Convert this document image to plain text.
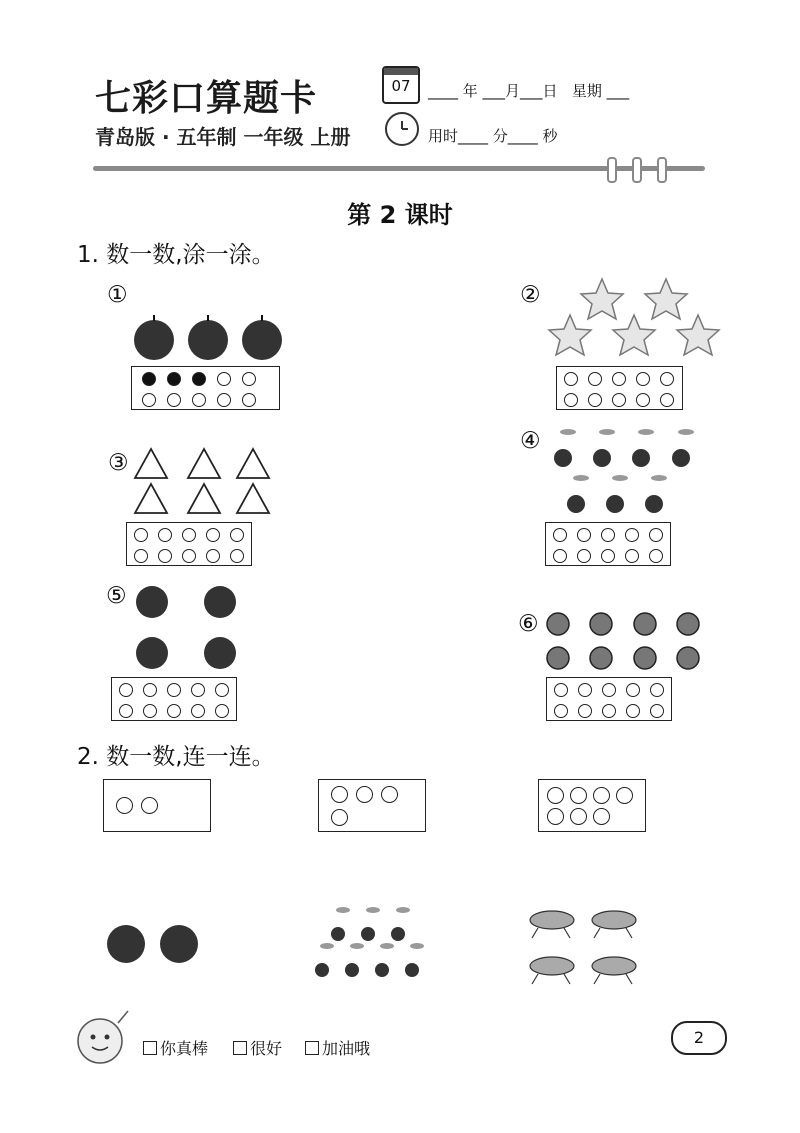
七彩口算题卡
青岛版 · 五年制 一年级 上册
07	____ 年 ___月___日   星期 ___
用时____ 分____ 秒
第 2 课时
1. 数一数,涂一涂。
①	②
③
④
⑤
⑥
2. 数一数,连一连。
你真棒	很好	加油哦
2
